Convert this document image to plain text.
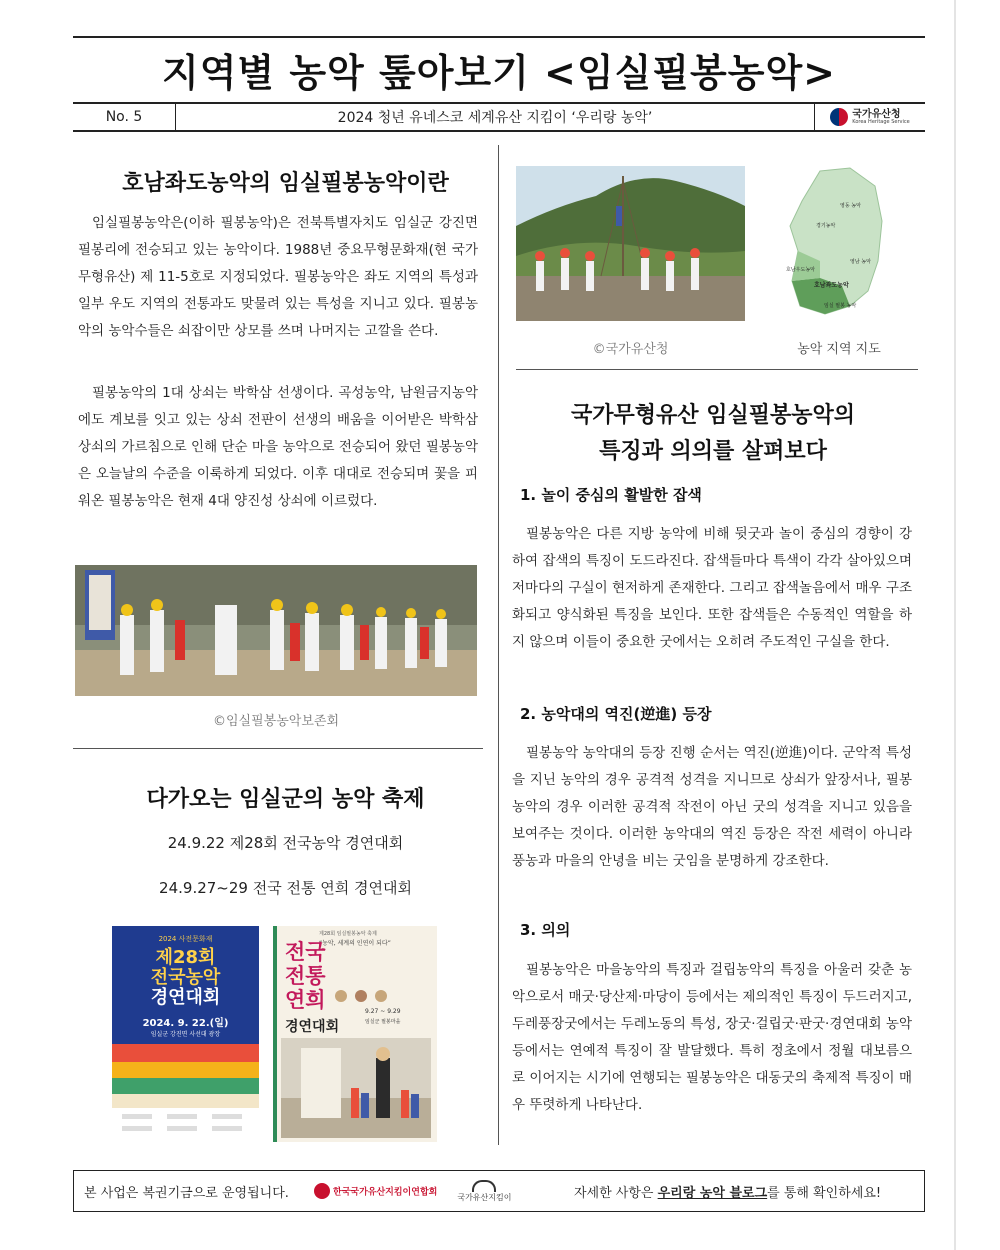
지역별 농악 톺아보기 <임실필봉농악>
No. 5	2024 청년 유네스코 세계유산 지킴이 ‘우리랑 농악’	국가유산청
Korea Heritage Service
호남좌도농악의 임실필봉농악이란

임실필봉농악은(이하 필봉농악)은 전북특별자치도 임실군 강진면 필봉리에 전승되고 있는 농악이다. 1988년 중요무형문화재(현 국가무형유산) 제 11-5호로 지정되었다. 필봉농악은 좌도 지역의 특성과 일부 우도 지역의 전통과도 맞물려 있는 특성을 지니고 있다. 필봉농악의 농악수들은 쇠잡이만 상모를 쓰며 나머지는 고깔을 쓴다.

필봉농악의 1대 상쇠는 박학삼 선생이다. 곡성농악, 남원금지농악에도 계보를 잇고 있는 상쇠 전판이 선생의 배움을 이어받은 박학삼 상쇠의 가르침으로 인해 단순 마을 농악으로 전승되어 왔던 필봉농악은 오늘날의 수준을 이룩하게 되었다. 이후 대대로 전승되며 꽃을 피워온 필봉농악은 현재 4대 양진성 상쇠에 이르렀다.

©임실필봉농악보존회
다가오는 임실군의 농악 축제
24.9.22 제28회 전국농악 경연대회
24.9.27~29 전국 전통 연희 경연대회
2024 사전문화재
제28회
전국농악
경연대회
2024. 9. 22.(일)
임실군 강진면 사선대 광장
제28회 임실필봉농악 축제
“농악, 세계의 인연이 되다”
전국
전통
연희
경연대회
9.27 ~ 9.29
임실군 필봉마을
©국가유산청
영동 농악
경기농악
영남 농악
호남우도농악
호남좌도농악
임실 필봉 농악
농악 지역 지도
국가무형유산 임실필봉농악의
특징과 의의를 살펴보다
1. 놀이 중심의 활발한 잡색

필봉농악은 다른 지방 농악에 비해 뒷굿과 놀이 중심의 경향이 강하여 잡색의 특징이 도드라진다. 잡색들마다 특색이 각각 살아있으며 저마다의 구실이 현저하게 존재한다. 그리고 잡색놀음에서 매우 구조화되고 양식화된 특징을 보인다. 또한 잡색들은 수동적인 역할을 하지 않으며 이들이 중요한 굿에서는 오히려 주도적인 구실을 한다.

2. 농악대의 역진(逆進) 등장

필봉농악 농악대의 등장 진행 순서는 역진(逆進)이다. 군악적 특성을 지닌 농악의 경우 공격적 성격을 지니므로 상쇠가 앞장서나, 필봉농악의 경우 이러한 공격적 작전이 아닌 굿의 성격을 지니고 있음을 보여주는 것이다. 이러한 농악대의 역진 등장은 작전 세력이 아니라 풍농과 마을의 안녕을 비는 굿임을 분명하게 강조한다.

3. 의의

필봉농악은 마을농악의 특징과 걸립농악의 특징을 아울러 갖춘 농악으로서 매굿·당산제·마당이 등에서는 제의적인 특징이 두드러지고, 두레풍장굿에서는 두레노동의 특성, 장굿·걸립굿·판굿·경연대회 농악 등에서는 연예적 특징이 잘 발달했다. 특히 정초에서 정월 대보름으로 이어지는 시기에 연행되는 필봉농악은 대동굿의 축제적 특징이 매우 뚜렷하게 나타난다.

본 사업은 복권기금으로 운영됩니다.	한국국가유산지킴이연합회	국가유산지킴이	자세한 사항은 우리랑 농악 블로그를 통해 확인하세요!
